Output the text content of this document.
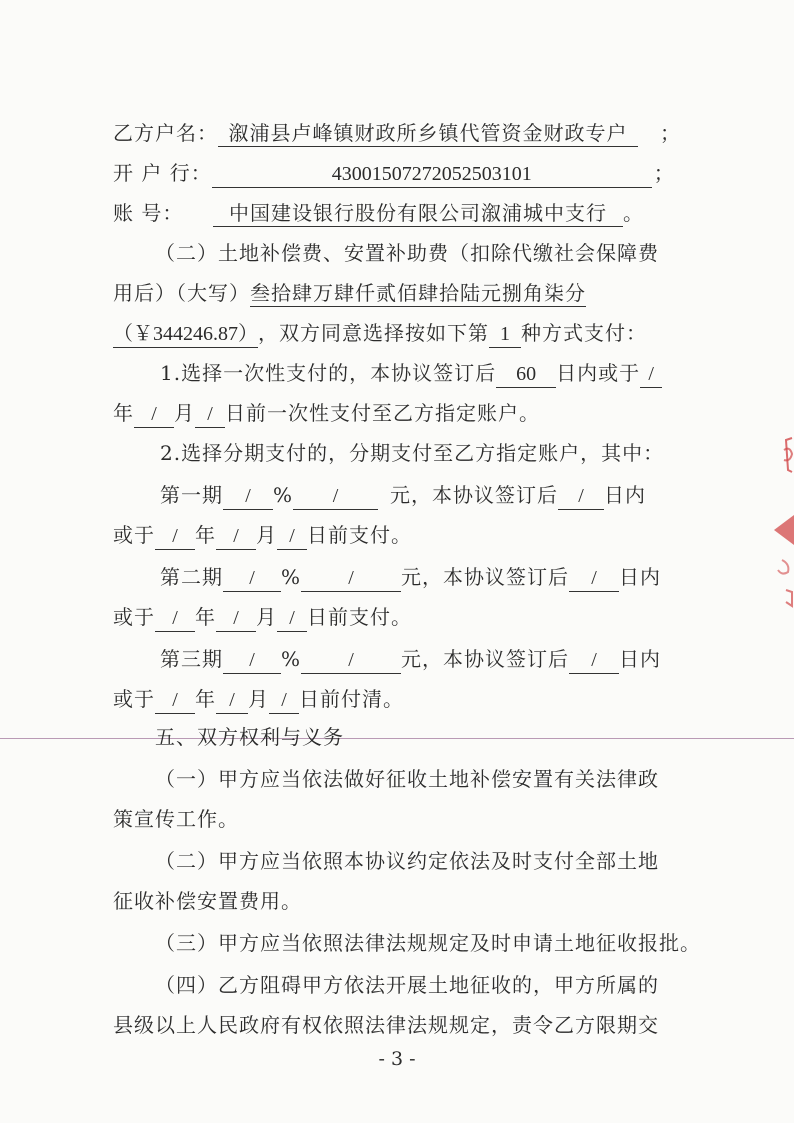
乙方户名： 溆浦县卢峰镇财政所乡镇代管资金财政专户 ；
开 户 行：	430015072720525031​01	；
账 号： 中国建设银行股份有限公司溆浦城中支行 。
（二）土地补偿费、安置补助费（扣除代缴社会保障费
用后）（大写）叁拾肆万肆仟贰佰肆拾陆元捌角柒分
（￥344246.87），双方同意选择按如下第 1 种方式支付：
1.选择一次性支付的，本协议签订后 60 日内或于 /
年 / 月 / 日前一次性支付至乙方指定账户。
2.选择分期支付的，分期支付至乙方指定账户，其中：
第一期 / % /	元，本协议签订后 / 日内
或于 / 年 / 月 / 日前支付。
第二期 / % / 元，本协议签订后 / 日内
或于 / 年 / 月 / 日前支付。
第三期 / % / 元，本协议签订后 / 日内
或于 / 年 / 月 / 日前付清。
五、双方权利与义务
（一）甲方应当依法做好征收土地补偿安置有关法律政
策宣传工作。
（二）甲方应当依照本协议约定依法及时支付全部土地
征收补偿安置费用。
（三）甲方应当依照法律法规规定及时申请土地征收报批。
（四）乙方阻碍甲方依法开展土地征收的，甲方所属的
县级以上人民政府有权依照法律法规规定，责令乙方限期交
- 3 -
